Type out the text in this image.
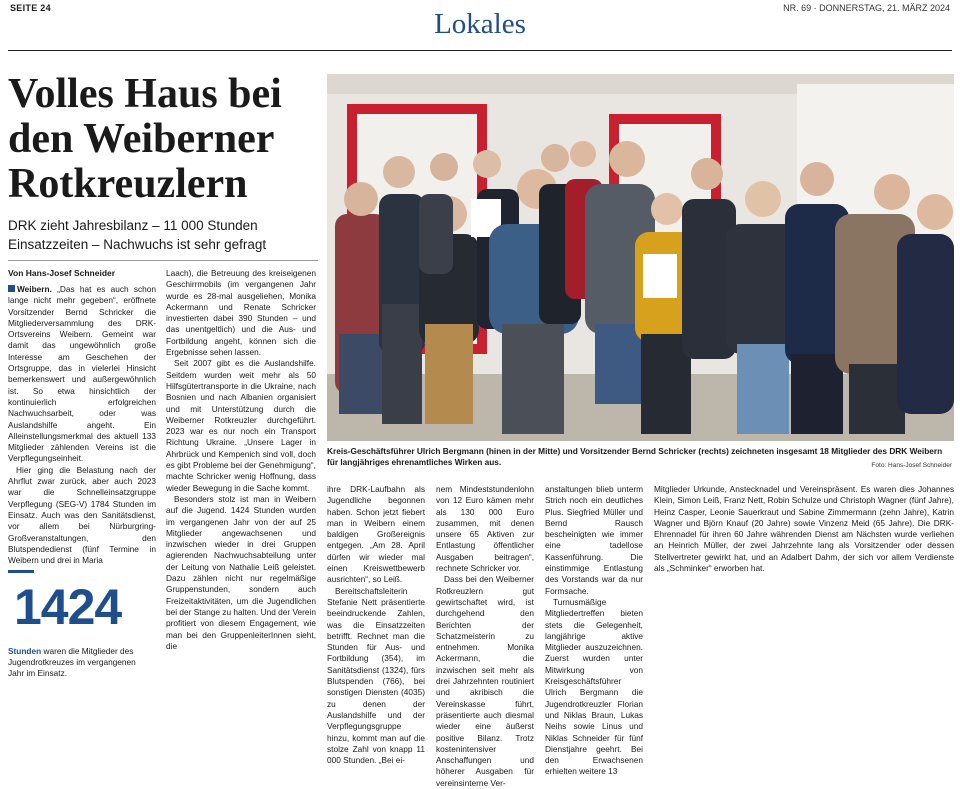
SEITE 24	Lokales	NR. 69 · DONNERSTAG, 21. MÄRZ 2024
Volles Haus bei den Weiberner Rotkreuzlern
DRK zieht Jahresbilanz – 11 000 Stunden Einsatzzeiten – Nachwuchs ist sehr gefragt
Von Hans-Josef Schneider

Weibern. „Das hat es auch schon lange nicht mehr gegeben“, eröffnete Vorsitzender Bernd Schricker die Mitgliederversammlung des DRK-Ortsvereins Weibern. Gemeint war damit das ungewöhnlich große Interesse am Geschehen der Ortsgruppe, das in vielerlei Hinsicht bemerkenswert und außergewöhnlich ist. So etwa hinsichtlich der kontinuierlich erfolgreichen Nachwuchsarbeit, oder was Auslandshilfe angeht. Ein Alleinstellungsmerkmal des aktuell 133 Mitglieder zählenden Vereins ist die Verpflegungseinheit.

Hier ging die Belastung nach der Ahrflut zwar zurück, aber auch 2023 war die Schnelleinsatzgruppe Verpflegung (SEG-V) 1784 Stunden im Einsatz. Auch was den Sanitätsdienst, vor allem bei Nürburgring-Großveranstaltungen, den Blutspendedienst (fünf Termine in Weibern und drei in Maria

Laach), die Betreuung des kreiseigenen Geschirrmobils (im vergangenen Jahr wurde es 28-mal ausgeliehen, Monika Ackermann und Renate Schricker investierten dabei 390 Stunden – und das unentgeltlich) und die Aus- und Fortbildung angeht, können sich die Ergebnisse sehen lassen.

Seit 2007 gibt es die Auslandshilfe. Seitdem wurden weit mehr als 50 Hilfsgütertransporte in die Ukraine, nach Bosnien und nach Albanien organisiert und mit Unterstützung durch die Weiberner Rotkreuzler durchgeführt. 2023 war es nur noch ein Transport Richtung Ukraine. „Unsere Lager in Ahrbrück und Kempenich sind voll, doch es gibt Probleme bei der Genehmigung“, machte Schricker wenig Hoffnung, dass wieder Bewegung in die Sache kommt.

Besonders stolz ist man in Weibern auf die Jugend. 1424 Stunden wurden im vergangenen Jahr von der auf 25 Mitglieder angewachsenen und inzwischen wieder in drei Gruppen agierenden Nachwuchsabteilung unter der Leitung von Nathalie Leiß geleistet. Dazu zählen nicht nur regelmäßige Gruppenstunden, sondern auch Freizeitaktivitäten, um die Jugendlichen bei der Stange zu halten. Und der Verein profitiert von diesem Engagement, wie man bei den GruppenleiterInnen sieht, die

ihre DRK-Laufbahn als Jugendliche begonnen haben. Schon jetzt fiebert man in Weibern einem baldigen Großereignis entgegen. „Am 28. April dürfen wir wieder mal einen Kreiswettbewerb ausrichten“, so Leiß.

Bereitschaftsleiterin Stefanie Nett präsentierte beeindruckende Zahlen, was die Einsatzzeiten betrifft. Rechnet man die Stunden für Aus- und Fortbildung (354), im Sanitätsdienst (1324), fürs Blutspenden (766), bei sonstigen Diensten (4035) zu denen der Auslandshilfe und der Verpflegungsgruppe hinzu, kommt man auf die stolze Zahl von knapp 11 000 Stunden. „Bei ei-

nem Mindeststundenlohn von 12 Euro kämen mehr als 130 000 Euro zusammen, mit denen unsere 65 Aktiven zur Entlastung öffentlicher Ausgaben beitragen“, rechnete Schricker vor.

Dass bei den Weiberner Rotkreuzlern gut gewirtschaftet wird, ist durchgehend den Berichten der Schatzmeisterin zu entnehmen. Monika Ackermann, die inzwischen seit mehr als drei Jahrzehnten routiniert und akribisch die Vereinskasse führt, präsentierte auch diesmal wieder eine äußerst positive Bilanz. Trotz kostenintensiver Anschaffungen und höherer Ausgaben für vereinsinterne Ver-

anstaltungen blieb unterm Strich noch ein deutliches Plus. Siegfried Müller und Bernd Rausch bescheinigten wie immer eine tadellose Kassenführung. Die einstimmige Entlastung des Vorstands war da nur Formsache.

Turnusmäßige Mitgliedertreffen bieten stets die Gelegenheit, langjährige aktive Mitglieder auszuzeichnen. Zuerst wurden unter Mitwirkung von Kreisgeschäftsführer Ulrich Bergmann die Jugendrotkreuzler Florian und Niklas Braun, Lukas Neihs sowie Linus und Niklas Schneider für fünf Dienstjahre geehrt. Bei den Erwachsenen erhielten weitere 13

Mitglieder Urkunde, Anstecknadel und Vereinspräsent. Es waren dies Johannes Klein, Simon Leiß, Franz Nett, Robin Schulze und Christoph Wagner (fünf Jahre), Heinz Casper, Leonie Sauerkraut und Sabine Zimmermann (zehn Jahre), Katrin Wagner und Björn Knauf (20 Jahre) sowie Vinzenz Meid (65 Jahre). Die DRK-Ehrennadel für ihren 60 Jahre währenden Dienst am Nächsten wurde verliehen an Heinrich Müller, der zwei Jahrzehnte lang als Vorsitzender oder dessen Stellvertreter gewirkt hat, und an Adalbert Dahm, der sich vor allem Verdienste als „Schminker“ erworben hat.

Kreis-Geschäftsführer Ulrich Bergmann (hinen in der Mitte) und Vorsitzender Bernd Schricker (rechts) zeichneten insgesamt 18 Mitglieder des DRK Weibern für langjähriges ehrenamtliches Wirken aus.	Foto: Hans-Josef Schneider
1424
Stunden waren die Mitglieder des Jugendrotkreuzes im vergangenen Jahr im Einsatz.
